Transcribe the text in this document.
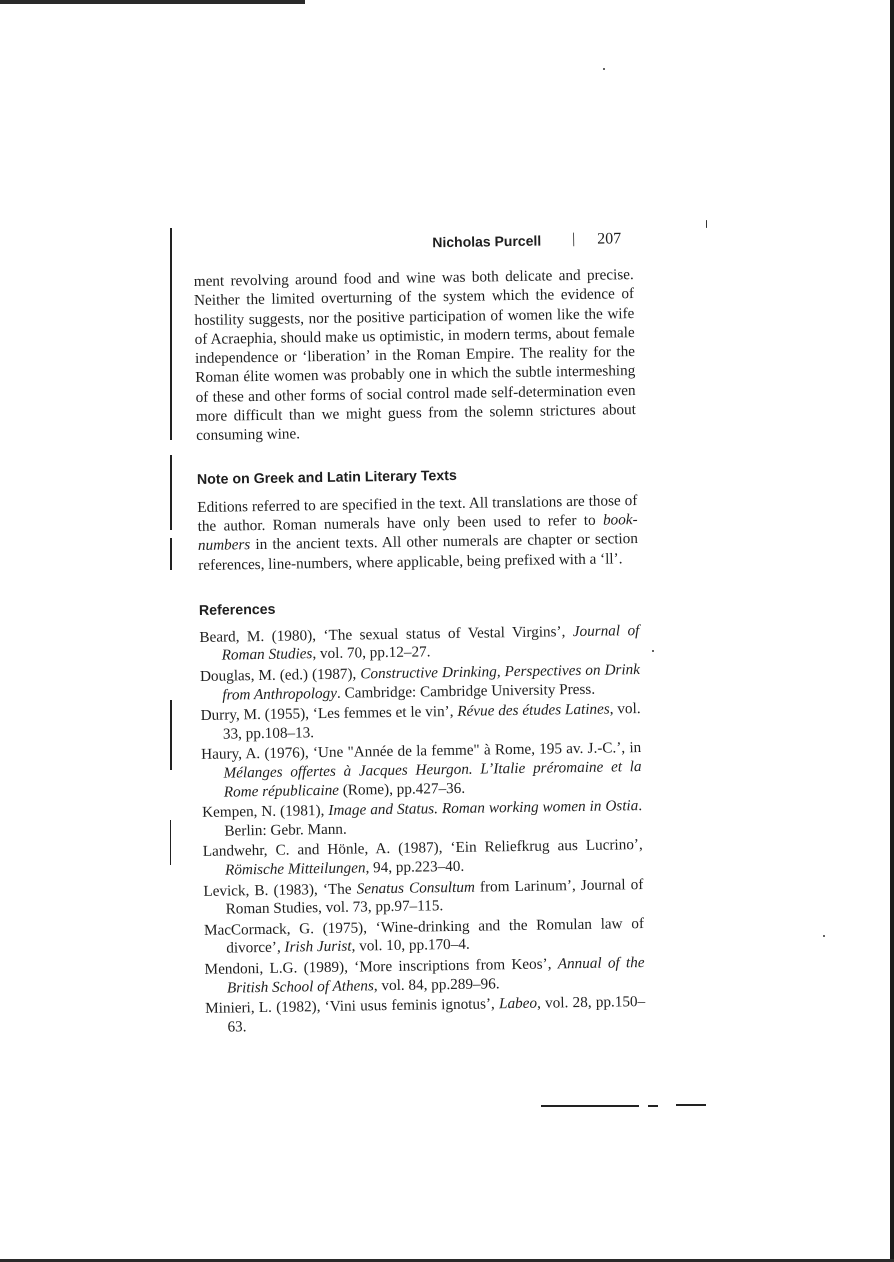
Nicholas Purcell | 207

ment revolving around food and wine was both delicate and precise. Neither the limited overturning of the system which the evidence of hostility suggests, nor the positive participation of women like the wife of Acraephia, should make us optimistic, in modern terms, about female independence or ‘liberation’ in the Roman Empire. The reality for the Roman élite women was probably one in which the subtle intermeshing of these and other forms of social control made self-determination even more difficult than we might guess from the solemn strictures about consuming wine.

Note on Greek and Latin Literary Texts

Editions referred to are specified in the text. All translations are those of the author. Roman numerals have only been used to refer to book-numbers in the ancient texts. All other numerals are chapter or section references, line-numbers, where applicable, being prefixed with a ‘ll’.

References

Beard, M. (1980), ‘The sexual status of Vestal Virgins’, Journal of Roman Studies, vol. 70, pp.12–27.

Douglas, M. (ed.) (1987), Constructive Drinking, Perspectives on Drink from Anthropology. Cambridge: Cambridge University Press.

Durry, M. (1955), ‘Les femmes et le vin’, Révue des études Latines, vol. 33, pp.108–13.

Haury, A. (1976), ‘Une "Année de la femme" à Rome, 195 av. J.-C.’, in Mélanges offertes à Jacques Heurgon. L’Italie préromaine et la Rome républicaine (Rome), pp.427–36.

Kempen, N. (1981), Image and Status. Roman working women in Ostia. Berlin: Gebr. Mann.

Landwehr, C. and Hönle, A. (1987), ‘Ein Reliefkrug aus Lucrino’, Römische Mitteilungen, 94, pp.223–40.

Levick, B. (1983), ‘The Senatus Consultum from Larinum’, Journal of Roman Studies, vol. 73, pp.97–115.

MacCormack, G. (1975), ‘Wine-drinking and the Romulan law of divorce’, Irish Jurist, vol. 10, pp.170–4.

Mendoni, L.G. (1989), ‘More inscriptions from Keos’, Annual of the British School of Athens, vol. 84, pp.289–96.

Minieri, L. (1982), ‘Vini usus feminis ignotus’, Labeo, vol. 28, pp.150–63.
